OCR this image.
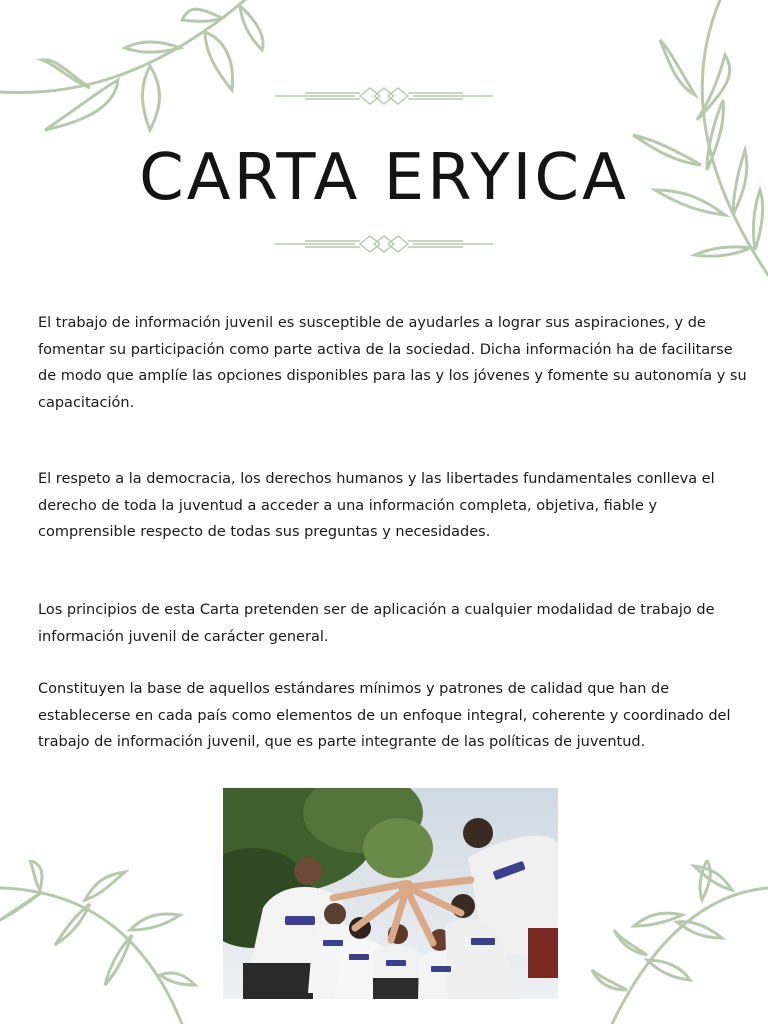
CARTA ERYICA

El trabajo de información juvenil es susceptible de ayudarles a lograr sus aspiraciones, y de fomentar su participación como parte activa de la sociedad. Dicha información ha de facilitarse de modo que amplíe las opciones disponibles para las y los jóvenes y fomente su autonomía y su capacitación.

El respeto a la democracia, los derechos humanos y las libertades fundamentales conlleva el derecho de toda la juventud a acceder a una información completa, objetiva, fiable y comprensible respecto de todas sus preguntas y necesidades.

Los principios de esta Carta pretenden ser de aplicación a cualquier modalidad de trabajo de información juvenil de carácter general.

Constituyen la base de aquellos estándares mínimos y patrones de calidad que han de establecerse en cada país como elementos de un enfoque integral, coherente y coordinado del trabajo de información juvenil, que es parte integrante de las políticas de juventud.
